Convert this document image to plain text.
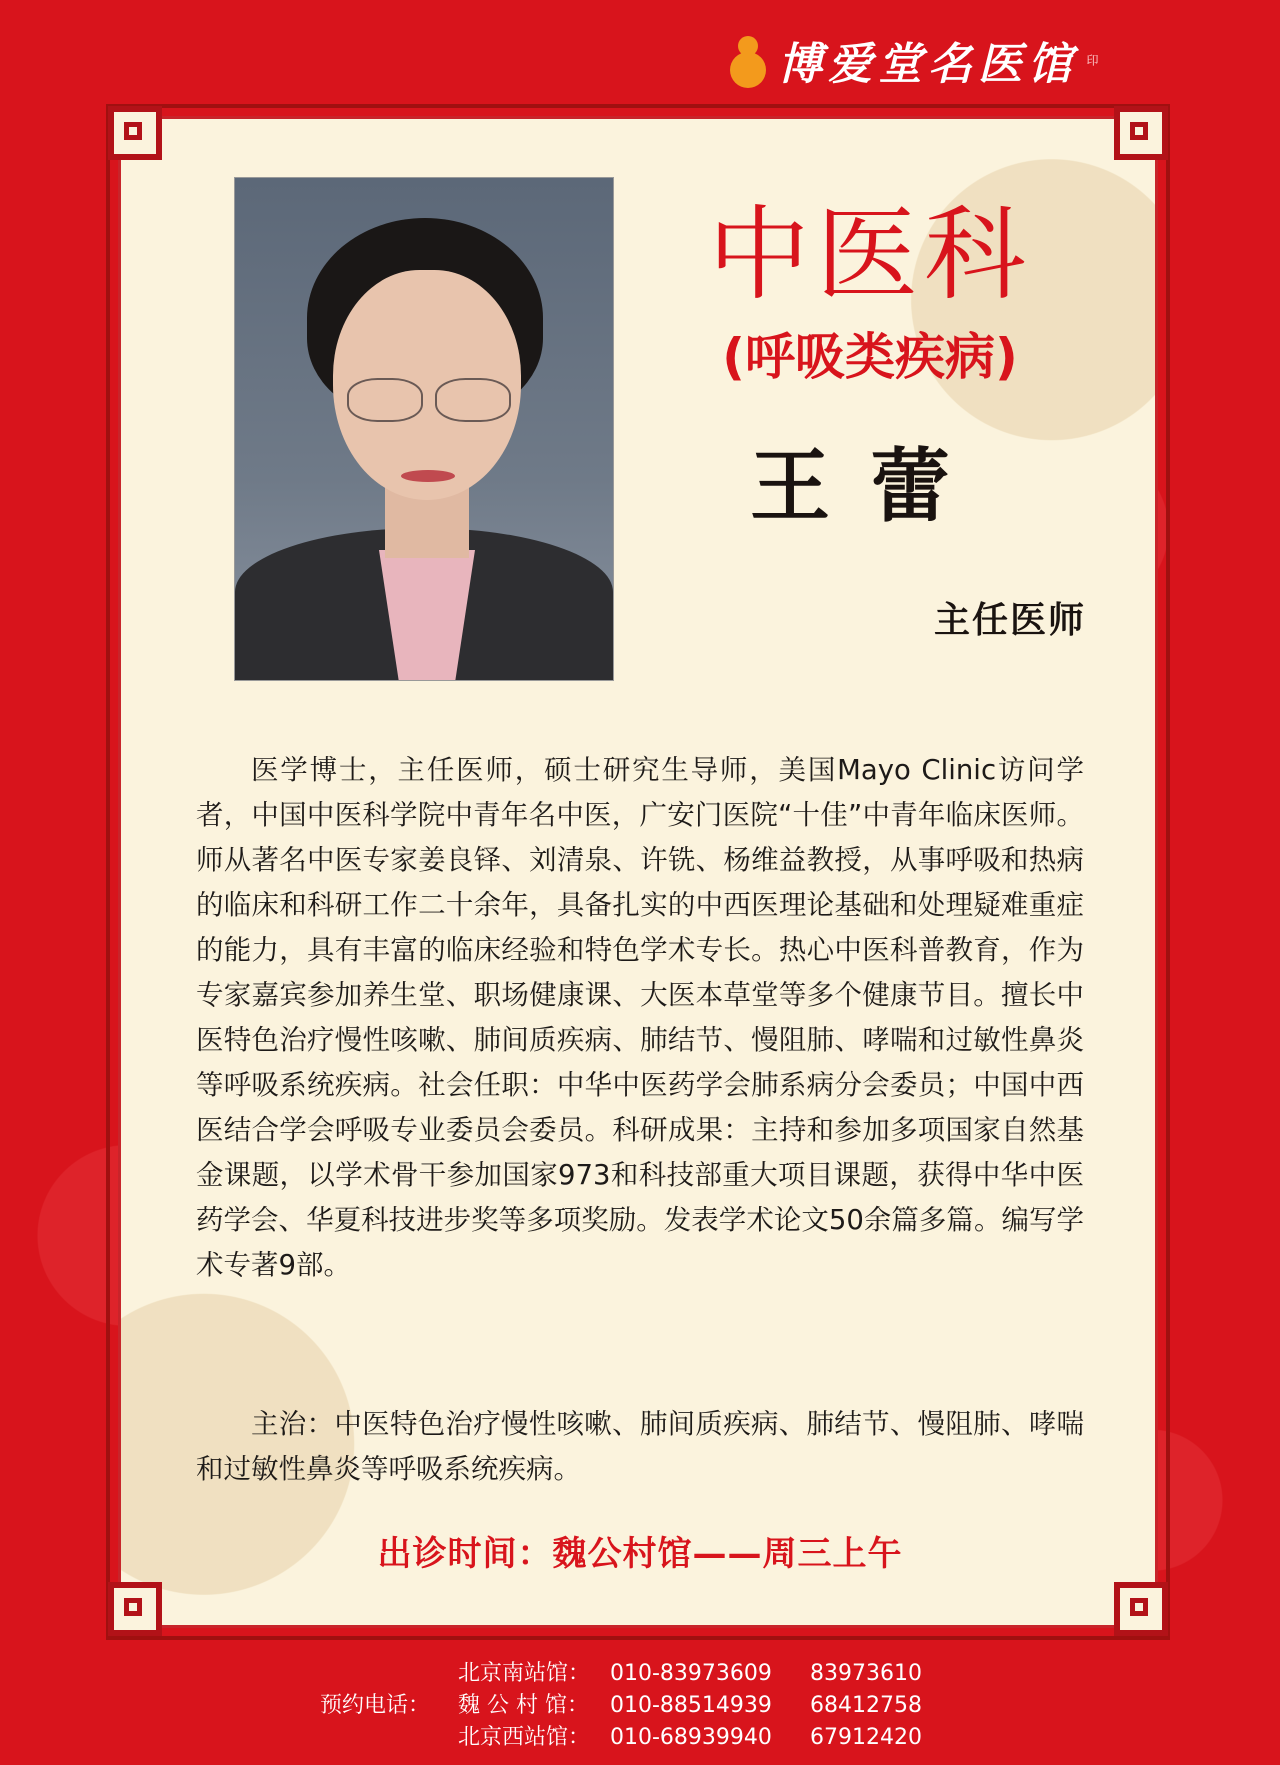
博爱堂名医馆 印
中医科
(呼吸类疾病)
王蕾
主任医师

医学博士，主任医师，硕士研究生导师，美国Mayo Clinic访问学者，中国中医科学院中青年名中医，广安门医院“十佳”中青年临床医师。师从著名中医专家姜良铎、刘清泉、许铣、杨维益教授，从事呼吸和热病的临床和科研工作二十余年，具备扎实的中西医理论基础和处理疑难重症的能力，具有丰富的临床经验和特色学术专长。热心中医科普教育，作为专家嘉宾参加养生堂、职场健康课、大医本草堂等多个健康节目。擅长中医特色治疗慢性咳嗽、肺间质疾病、肺结节、慢阻肺、哮喘和过敏性鼻炎等呼吸系统疾病。社会任职：中华中医药学会肺系病分会委员；中国中西医结合学会呼吸专业委员会委员。科研成果：主持和参加多项国家自然基金课题，以学术骨干参加国家973和科技部重大项目课题，获得中华中医药学会、华夏科技进步奖等多项奖励。发表学术论文50余篇多篇。编写学术专著9部。

主治：中医特色治疗慢性咳嗽、肺间质疾病、肺结节、慢阻肺、哮喘和过敏性鼻炎等呼吸系统疾病。

出诊时间：魏公村馆——周三上午
预约电话：
北京南站馆： 010-83973609 83973610
魏 公 村 馆： 010-88514939 68412758
北京西站馆： 010-68939940 67912420
